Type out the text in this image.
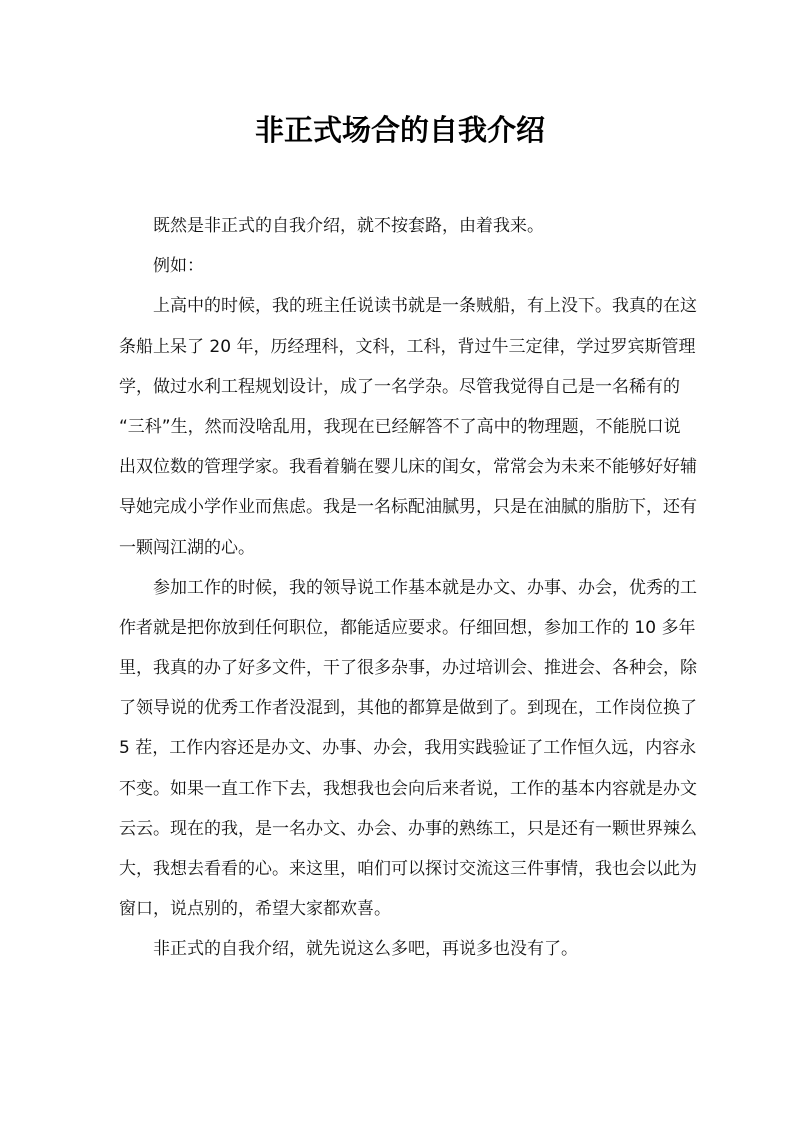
非正式场合的自我介绍
既然是非正式的自我介绍，就不按套路，由着我来。
例如：
上高中的时候，我的班主任说读书就是一条贼船，有上没下。我真的在这
条船上呆了 20 年，历经理科，文科，工科，背过牛三定律，学过罗宾斯管理
学，做过水利工程规划设计，成了一名学杂。尽管我觉得自己是一名稀有的
“三科”生，然而没啥乱用，我现在已经解答不了高中的物理题，不能脱口说
出双位数的管理学家。我看着躺在婴儿床的闺女，常常会为未来不能够好好辅
导她完成小学作业而焦虑。我是一名标配油腻男，只是在油腻的脂肪下，还有
一颗闯江湖的心。
参加工作的时候，我的领导说工作基本就是办文、办事、办会，优秀的工
作者就是把你放到任何职位，都能适应要求。仔细回想，参加工作的 10 多年
里，我真的办了好多文件，干了很多杂事，办过培训会、推进会、各种会，除
了领导说的优秀工作者没混到，其他的都算是做到了。到现在，工作岗位换了
5 茬，工作内容还是办文、办事、办会，我用实践验证了工作恒久远，内容永
不变。如果一直工作下去，我想我也会向后来者说，工作的基本内容就是办文
云云。现在的我，是一名办文、办会、办事的熟练工，只是还有一颗世界辣么
大，我想去看看的心。来这里，咱们可以探讨交流这三件事情，我也会以此为
窗口，说点别的，希望大家都欢喜。
非正式的自我介绍，就先说这么多吧，再说多也没有了。
